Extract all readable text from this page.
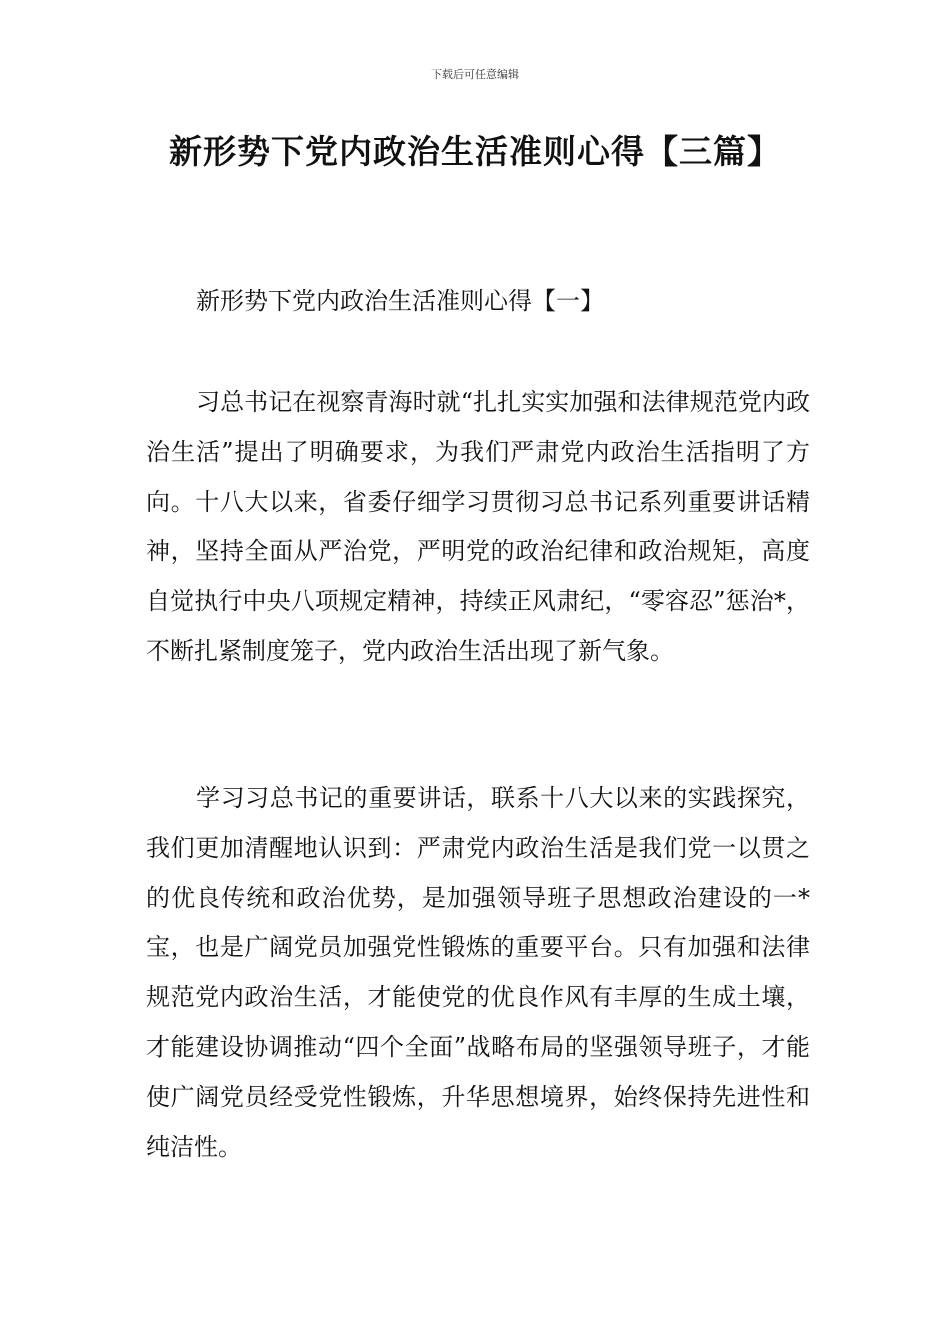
下载后可任意编辑
新形势下党内政治生活准则心得【三篇】
新形势下党内政治生活准则心得【一】

习总书记在视察青海时就“扎扎实实加强和法律规范党内政治生活”提出了明确要求，为我们严肃党内政治生活指明了方向。十八大以来，省委仔细学习贯彻习总书记系列重要讲话精神，坚持全面从严治党，严明党的政治纪律和政治规矩，高度自觉执行中央八项规定精神，持续正风肃纪，“零容忍”惩治*，不断扎紧制度笼子，党内政治生活出现了新气象。

学习习总书记的重要讲话，联系十八大以来的实践探究，我们更加清醒地认识到：严肃党内政治生活是我们党一以贯之的优良传统和政治优势，是加强领导班子思想政治建设的一*宝，也是广阔党员加强党性锻炼的重要平台。只有加强和法律规范党内政治生活，才能使党的优良作风有丰厚的生成土壤，才能建设协调推动“四个全面”战略布局的坚强领导班子，才能使广阔党员经受党性锻炼，升华思想境界，始终保持先进性和纯洁性。
